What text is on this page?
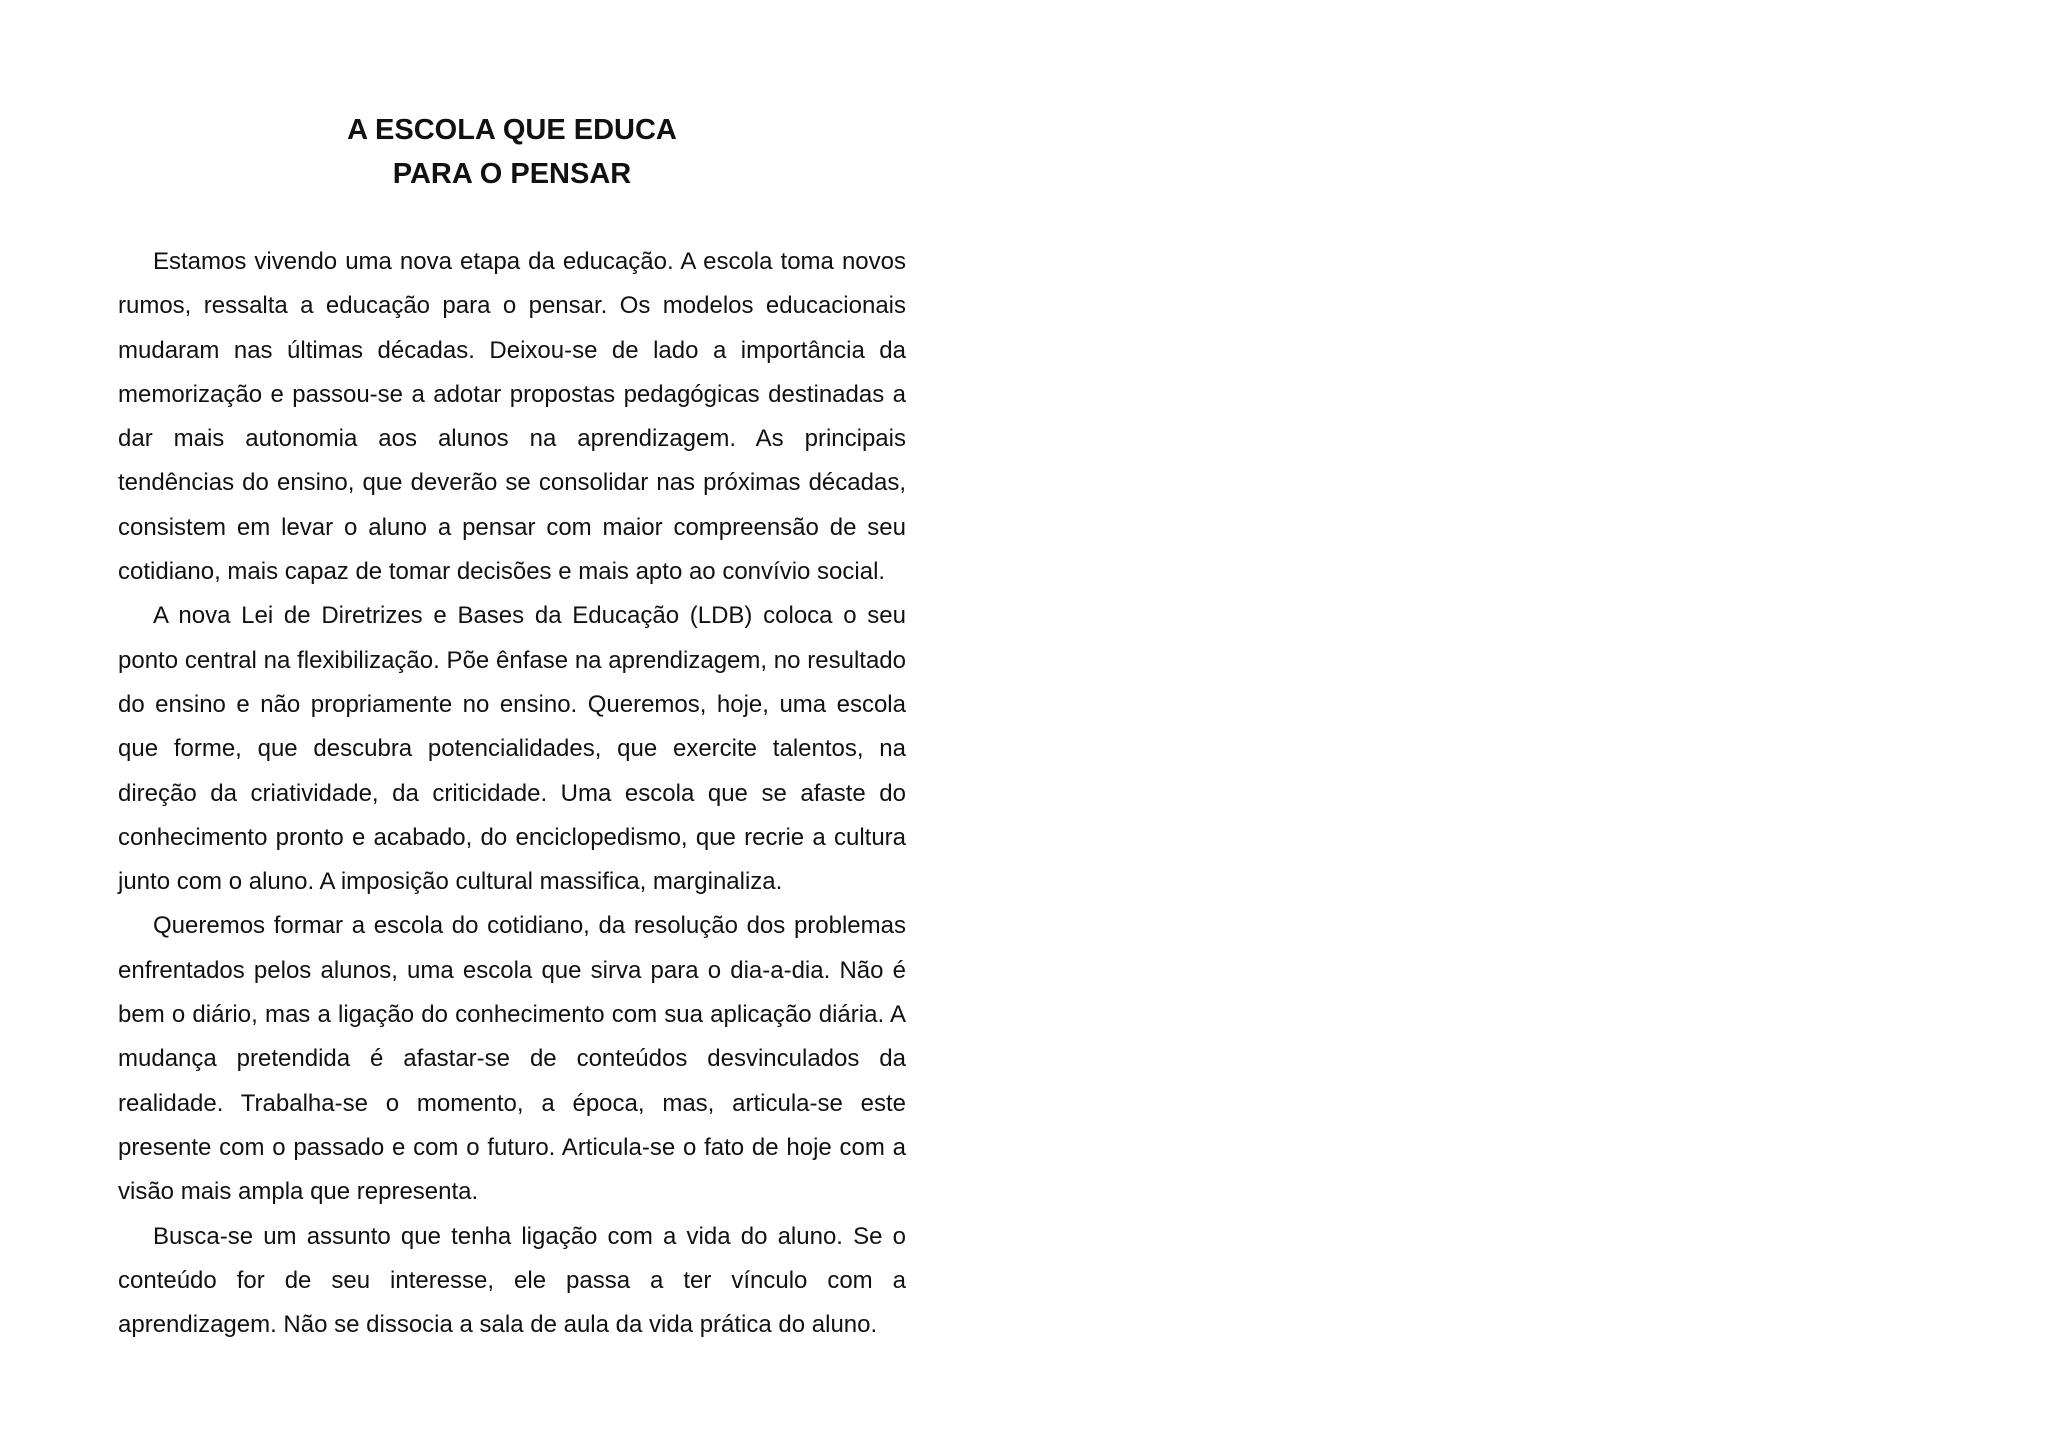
A ESCOLA QUE EDUCA
PARA O PENSAR

Estamos vivendo uma nova etapa da educação. A escola toma novos rumos, ressalta a educação para o pensar. Os modelos educacionais mudaram nas últimas décadas. Deixou-se de lado a importância da memorização e passou-se a adotar propostas pedagógicas destinadas a dar mais autonomia aos alunos na aprendizagem. As principais tendências do ensino, que deverão se consolidar nas próximas décadas, consistem em levar o aluno a pensar com maior compreensão de seu cotidiano, mais capaz de tomar decisões e mais apto ao convívio social.

A nova Lei de Diretrizes e Bases da Educação (LDB) coloca o seu ponto central na flexibilização. Põe ênfase na aprendizagem, no resultado do ensino e não propriamente no ensino. Queremos, hoje, uma escola que forme, que descubra potencialidades, que exercite talentos, na direção da criatividade, da criticidade. Uma escola que se afaste do conhecimento pronto e acabado, do enciclopedismo, que recrie a cultura junto com o aluno. A imposição cultural massifica, marginaliza.

Queremos formar a escola do cotidiano, da resolução dos problemas enfrentados pelos alunos, uma escola que sirva para o dia-a-dia. Não é bem o diário, mas a ligação do conhecimento com sua aplicação diária. A mudança pretendida é afastar-se de conteúdos desvinculados da realidade. Trabalha-se o momento, a época, mas, articula-se este presente com o passado e com o futuro. Articula-se o fato de hoje com a visão mais ampla que representa.

Busca-se um assunto que tenha ligação com a vida do aluno. Se o conteúdo for de seu interesse, ele passa a ter vínculo com a aprendizagem. Não se dissocia a sala de aula da vida prática do aluno.
